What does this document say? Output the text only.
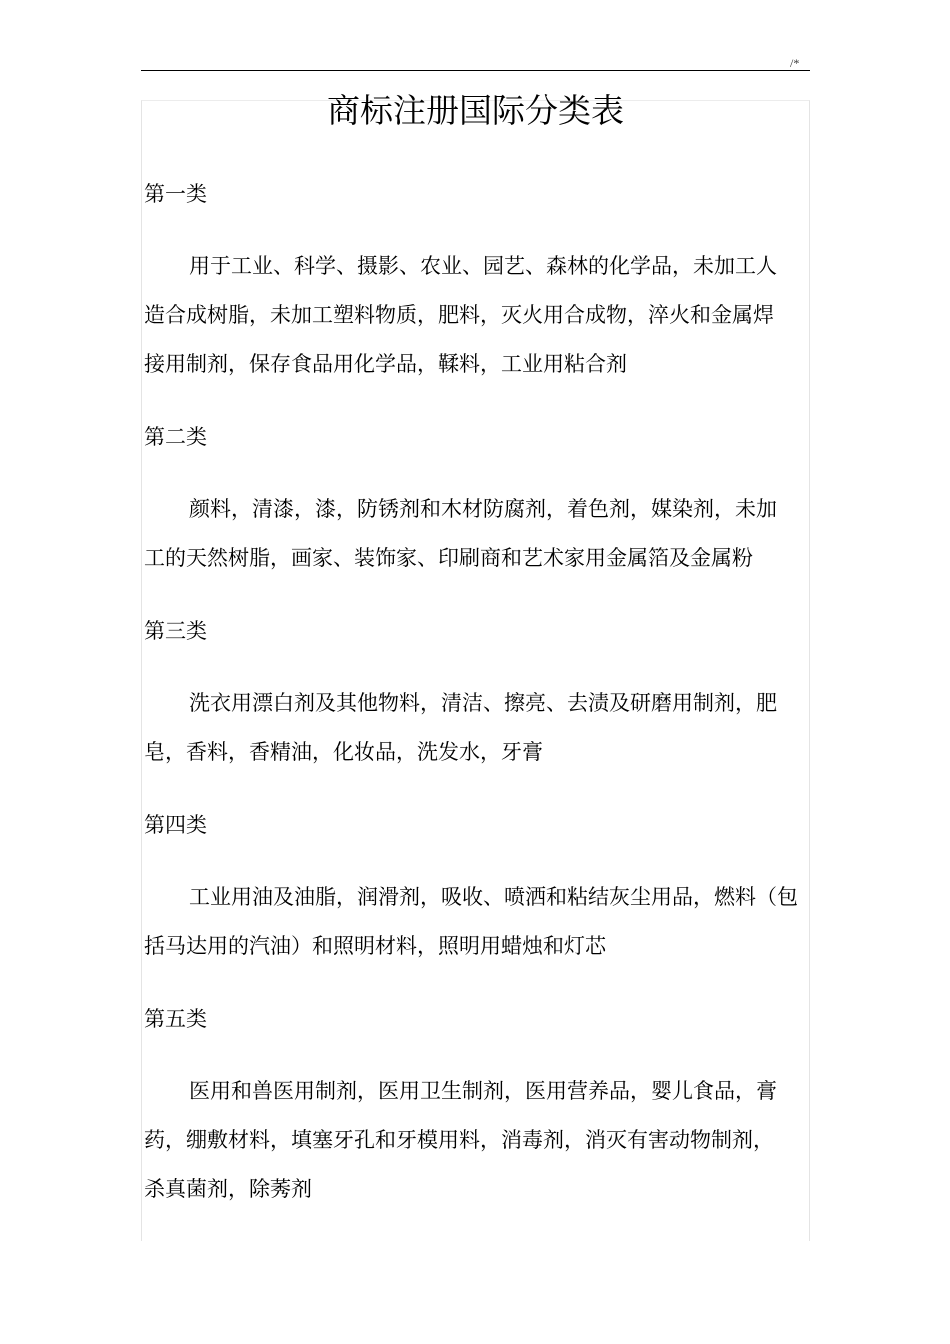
/*
商标注册国际分类表
第一类

用于工业、科学、摄影、农业、园艺、森林的化学品，未加工人
造合成树脂，未加工塑料物质，肥料，灭火用合成物，淬火和金属焊
接用制剂，保存食品用化学品，鞣料，工业用粘合剂

第二类

颜料，清漆，漆，防锈剂和木材防腐剂，着色剂，媒染剂，未加
工的天然树脂，画家、装饰家、印刷商和艺术家用金属箔及金属粉

第三类

洗衣用漂白剂及其他物料，清洁、擦亮、去渍及研磨用制剂，肥
皂，香料，香精油，化妆品，洗发水，牙膏

第四类

工业用油及油脂，润滑剂，吸收、喷洒和粘结灰尘用品，燃料（包
括马达用的汽油）和照明材料，照明用蜡烛和灯芯

第五类

医用和兽医用制剂，医用卫生制剂，医用营养品，婴儿食品，膏
药，绷敷材料，填塞牙孔和牙模用料，消毒剂，消灭有害动物制剂，
杀真菌剂，除莠剂
